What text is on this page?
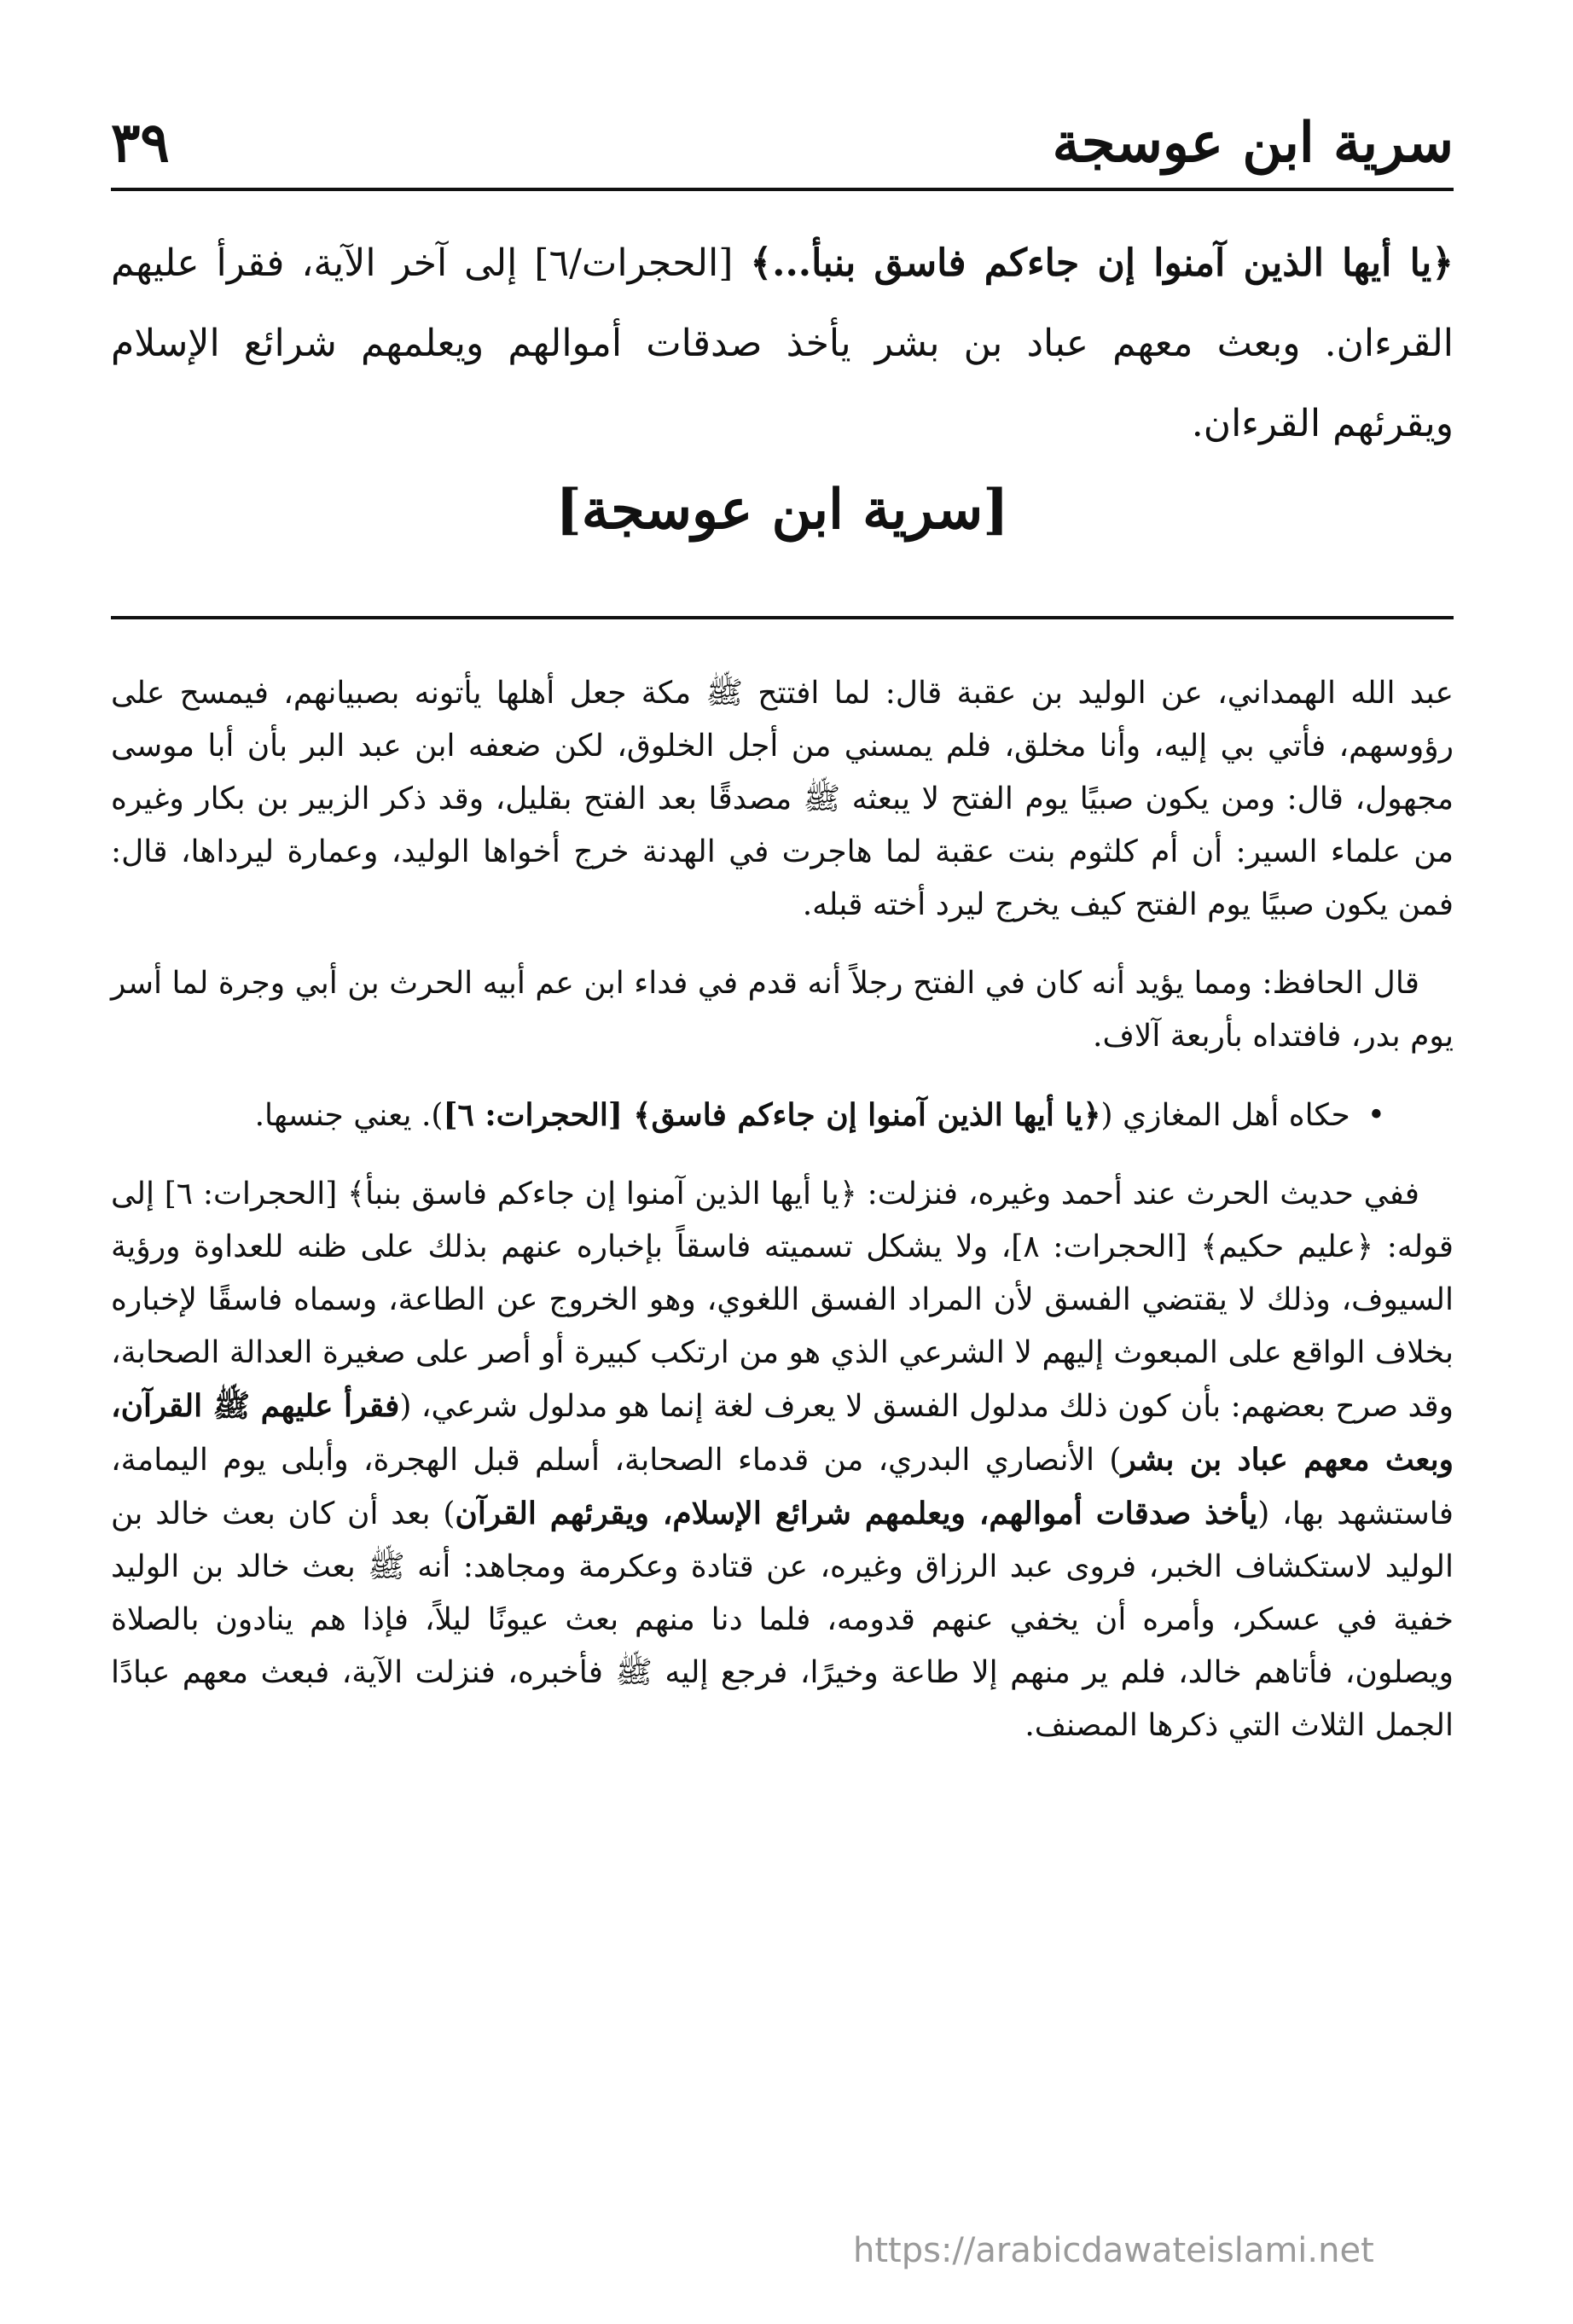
سرية ابن عوسجة
٣٩
﴿يا أيها الذين آمنوا إن جاءكم فاسق بنبأ...﴾ [الحجرات/٦] إلى آخر الآية، فقرأ عليهم القرءان. وبعث معهم عباد بن بشر يأخذ صدقات أموالهم ويعلمهم شرائع الإسلام ويقرئهم القرءان.
[سرية ابن عوسجة]

عبد الله الهمداني، عن الوليد بن عقبة قال: لما افتتح ﷺ مكة جعل أهلها يأتونه بصبيانهم، فيمسح على رؤوسهم، فأتي بي إليه، وأنا مخلق، فلم يمسني من أجل الخلوق، لكن ضعفه ابن عبد البر بأن أبا موسى مجهول، قال: ومن يكون صبيًا يوم الفتح لا يبعثه ﷺ مصدقًا بعد الفتح بقليل، وقد ذكر الزبير بن بكار وغيره من علماء السير: أن أم كلثوم بنت عقبة لما هاجرت في الهدنة خرج أخواها الوليد، وعمارة ليرداها، قال: فمن يكون صبيًا يوم الفتح كيف يخرج ليرد أخته قبله.

قال الحافظ: ومما يؤيد أنه كان في الفتح رجلاً أنه قدم في فداء ابن عم أبيه الحرث بن أبي وجرة لما أسر يوم بدر، فافتداه بأربعة آلاف.

•حكاه أهل المغازي (﴿يا أيها الذين آمنوا إن جاءكم فاسق﴾ [الحجرات: ٦]). يعني جنسها.

ففي حديث الحرث عند أحمد وغيره، فنزلت: ﴿يا أيها الذين آمنوا إن جاءكم فاسق بنبأ﴾ [الحجرات: ٦] إلى قوله: ﴿عليم حكيم﴾ [الحجرات: ٨]، ولا يشكل تسميته فاسقاً بإخباره عنهم بذلك على ظنه للعداوة ورؤية السيوف، وذلك لا يقتضي الفسق لأن المراد الفسق اللغوي، وهو الخروج عن الطاعة، وسماه فاسقًا لإخباره بخلاف الواقع على المبعوث إليهم لا الشرعي الذي هو من ارتكب كبيرة أو أصر على صغيرة العدالة الصحابة، وقد صرح بعضهم: بأن كون ذلك مدلول الفسق لا يعرف لغة إنما هو مدلول شرعي، (فقرأ عليهم ﷺ القرآن، وبعث معهم عباد بن بشر) الأنصاري البدري، من قدماء الصحابة، أسلم قبل الهجرة، وأبلى يوم اليمامة، فاستشهد بها، (يأخذ صدقات أموالهم، ويعلمهم شرائع الإسلام، ويقرئهم القرآن) بعد أن كان بعث خالد بن الوليد لاستكشاف الخبر، فروى عبد الرزاق وغيره، عن قتادة وعكرمة ومجاهد: أنه ﷺ بعث خالد بن الوليد خفية في عسكر، وأمره أن يخفي عنهم قدومه، فلما دنا منهم بعث عيونًا ليلاً، فإذا هم ينادون بالصلاة ويصلون، فأتاهم خالد، فلم ير منهم إلا طاعة وخيرًا، فرجع إليه ﷺ فأخبره، فنزلت الآية، فبعث معهم عبادًا الجمل الثلاث التي ذكرها المصنف.

https://arabicdawateislami.net
